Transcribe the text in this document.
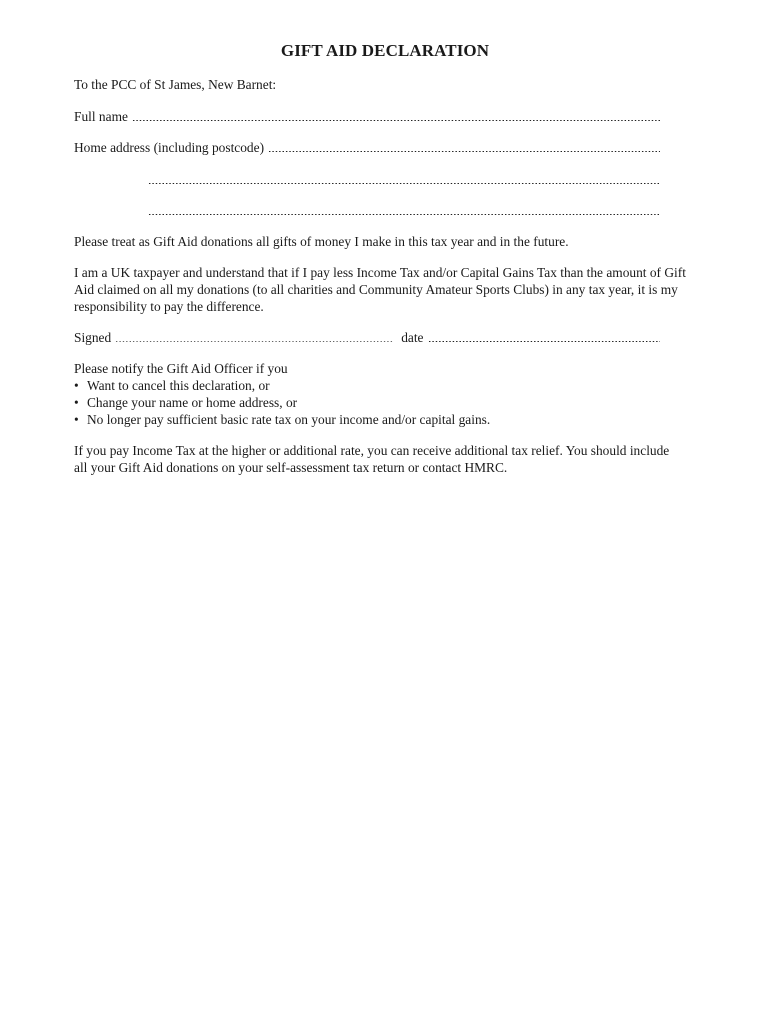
GIFT AID DECLARATION
To the PCC of St James, New Barnet:
Full name
Home address (including postcode)
Please treat as Gift Aid donations all gifts of money I make in this tax year and in the future.
I am a UK taxpayer and understand that if I pay less Income Tax and/or Capital Gains Tax than the amount of Gift Aid claimed on all my donations (to all charities and Community Amateur Sports Clubs) in any tax year, it is my responsibility to pay the difference.
Signed	date
Please notify the Gift Aid Officer if you
• Want to cancel this declaration, or
• Change your name or home address, or
• No longer pay sufficient basic rate tax on your income and/or capital gains.
If you pay Income Tax at the higher or additional rate, you can receive additional tax relief. You should include all your Gift Aid donations on your self-assessment tax return or contact HMRC.
